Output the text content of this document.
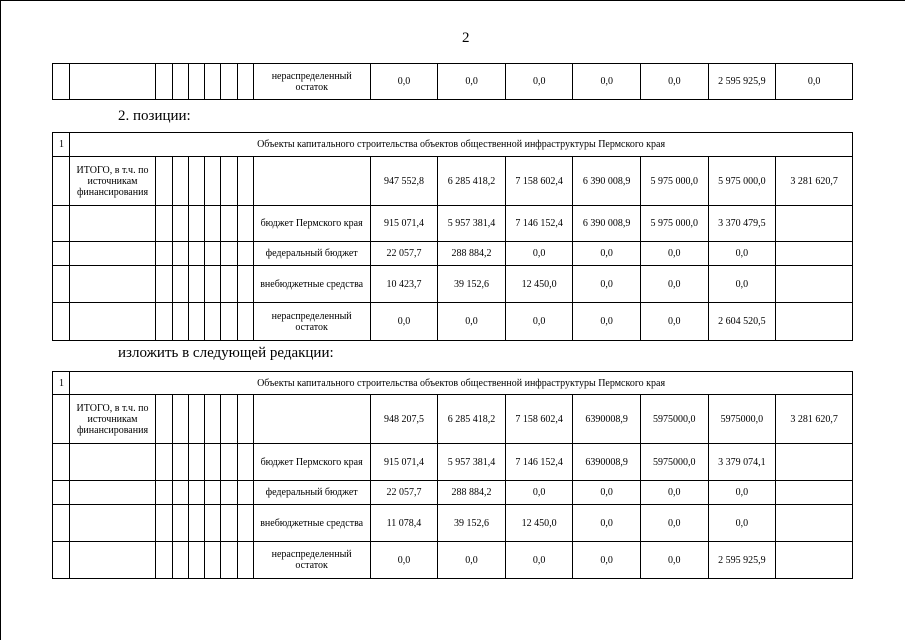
2
								нераспределенный остаток	0,0	0,0	0,0	0,0	0,0	2 595 925,9	0,0
2. позиции:
1	Объекты капитального строительства объектов общественной инфраструктуры Пермского края														
	ИТОГО, в т.ч. по источникам финансирования								947 552,8	6 285 418,2	7 158 602,4	6 390 008,9	5 975 000,0	5 975 000,0	3 281 620,7
								бюджет Пермского края	915 071,4	5 957 381,4	7 146 152,4	6 390 008,9	5 975 000,0	3 370 479,5	
								федеральный бюджет	22 057,7	288 884,2	0,0	0,0	0,0	0,0	
								внебюджетные средства	10 423,7	39 152,6	12 450,0	0,0	0,0	0,0	
								нераспределенный остаток	0,0	0,0	0,0	0,0	0,0	2 604 520,5	
изложить в следующей редакции:
1	Объекты капитального строительства объектов общественной инфраструктуры Пермского края														
	ИТОГО, в т.ч. по источникам финансирования								948 207,5	6 285 418,2	7 158 602,4	6390008,9	5975000,0	5975000,0	3 281 620,7
								бюджет Пермского края	915 071,4	5 957 381,4	7 146 152,4	6390008,9	5975000,0	3 379 074,1	
								федеральный бюджет	22 057,7	288 884,2	0,0	0,0	0,0	0,0	
								внебюджетные средства	11 078,4	39 152,6	12 450,0	0,0	0,0	0,0	
								нераспределенный остаток	0,0	0,0	0,0	0,0	0,0	2 595 925,9	
